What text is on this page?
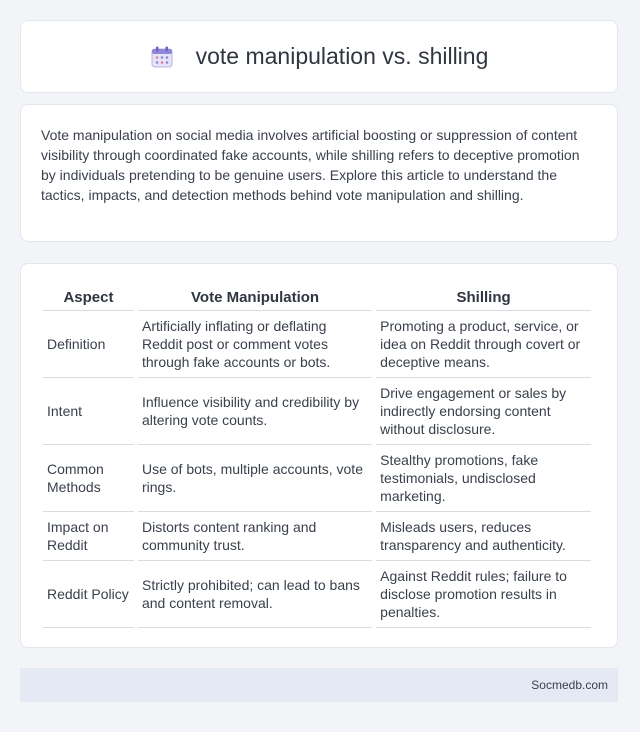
vote manipulation vs. shilling

Vote manipulation on social media involves artificial boosting or suppression of content visibility through coordinated fake accounts, while shilling refers to deceptive promotion by individuals pretending to be genuine users. Explore this article to understand the tactics, impacts, and detection methods behind vote manipulation and shilling.

Aspect	Vote Manipulation	Shilling
Definition	Artificially inflating or deflating Reddit post or comment votes through fake accounts or bots.	Promoting a product, service, or idea on Reddit through covert or deceptive means.
Intent	Influence visibility and credibility by altering vote counts.	Drive engagement or sales by indirectly endorsing content without disclosure.
Common Methods	Use of bots, multiple accounts, vote rings.	Stealthy promotions, fake testimonials, undisclosed marketing.
Impact on Reddit	Distorts content ranking and community trust.	Misleads users, reduces transparency and authenticity.
Reddit Policy	Strictly prohibited; can lead to bans and content removal.	Against Reddit rules; failure to disclose promotion results in penalties.
Socmedb.com
